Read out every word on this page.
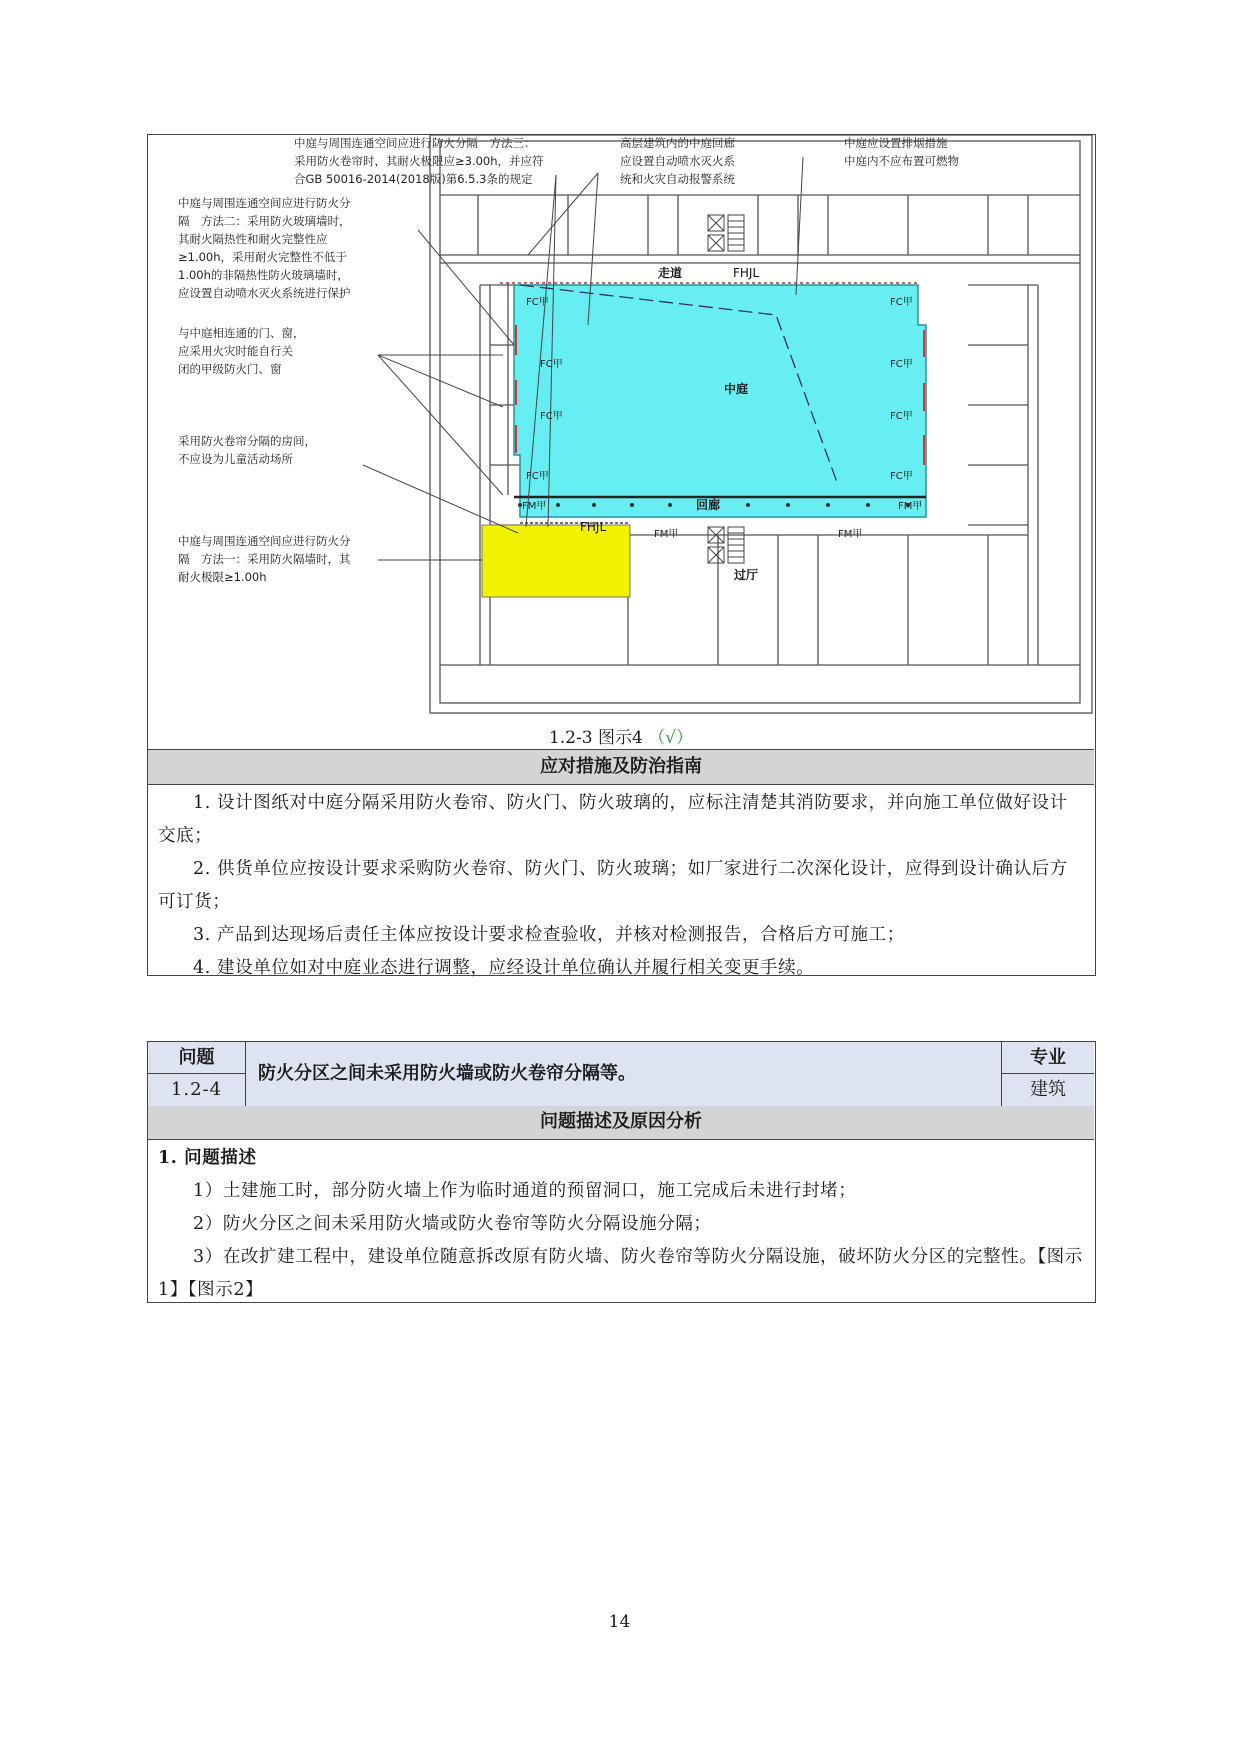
中庭与周围连通空间应进行防火分隔　方法三： 采用防火卷帘时，其耐火极限应≥3.00h，并应符 合GB 50016-2014(2018版)第6.5.3条的规定
高层建筑内的中庭回廊 应设置自动喷水灭火系 统和火灾自动报警系统
中庭应设置排烟措施 中庭内不应布置可燃物
中庭与周围连通空间应进行防火分 隔　方法二：采用防火玻璃墙时， 其耐火隔热性和耐火完整性应 ≥1.00h，采用耐火完整性不低于 1.00h的非隔热性防火玻璃墙时， 应设置自动喷水灭火系统进行保护
与中庭相连通的门、窗， 应采用火灾时能自行关 闭的甲级防火门、窗
采用防火卷帘分隔的房间， 不应设为儿童活动场所
中庭与周围连通空间应进行防火分 隔　方法一：采用防火隔墙时，其 耐火极限≥1.00h
走道	FHJL
中庭
回廊
FHJL
过厅
FC甲
FC甲
FC甲
FC甲
FC甲
FC甲
FC甲
FC甲
FM甲
FM甲	FM甲
FM甲
1.2-3 图示4 （√）
应对措施及防治指南

1. 设计图纸对中庭分隔采用防火卷帘、防火门、防火玻璃的，应标注清楚其消防要求，并向施工单位做好设计交底；

2. 供货单位应按设计要求采购防火卷帘、防火门、防火玻璃；如厂家进行二次深化设计，应得到设计确认后方可订货；

3. 产品到达现场后责任主体应按设计要求检查验收，并核对检测报告，合格后方可施工；

4. 建设单位如对中庭业态进行调整，应经设计单位确认并履行相关变更手续。

问题
1.2-4
防火分区之间未采用防火墙或防火卷帘分隔等。
专业
建筑
问题描述及原因分析

1. 问题描述

1）土建施工时，部分防火墙上作为临时通道的预留洞口，施工完成后未进行封堵；

2）防火分区之间未采用防火墙或防火卷帘等防火分隔设施分隔；

3）在改扩建工程中，建设单位随意拆改原有防火墙、防火卷帘等防火分隔设施，破坏防火分区的完整性。【图示1】【图示2】

14
